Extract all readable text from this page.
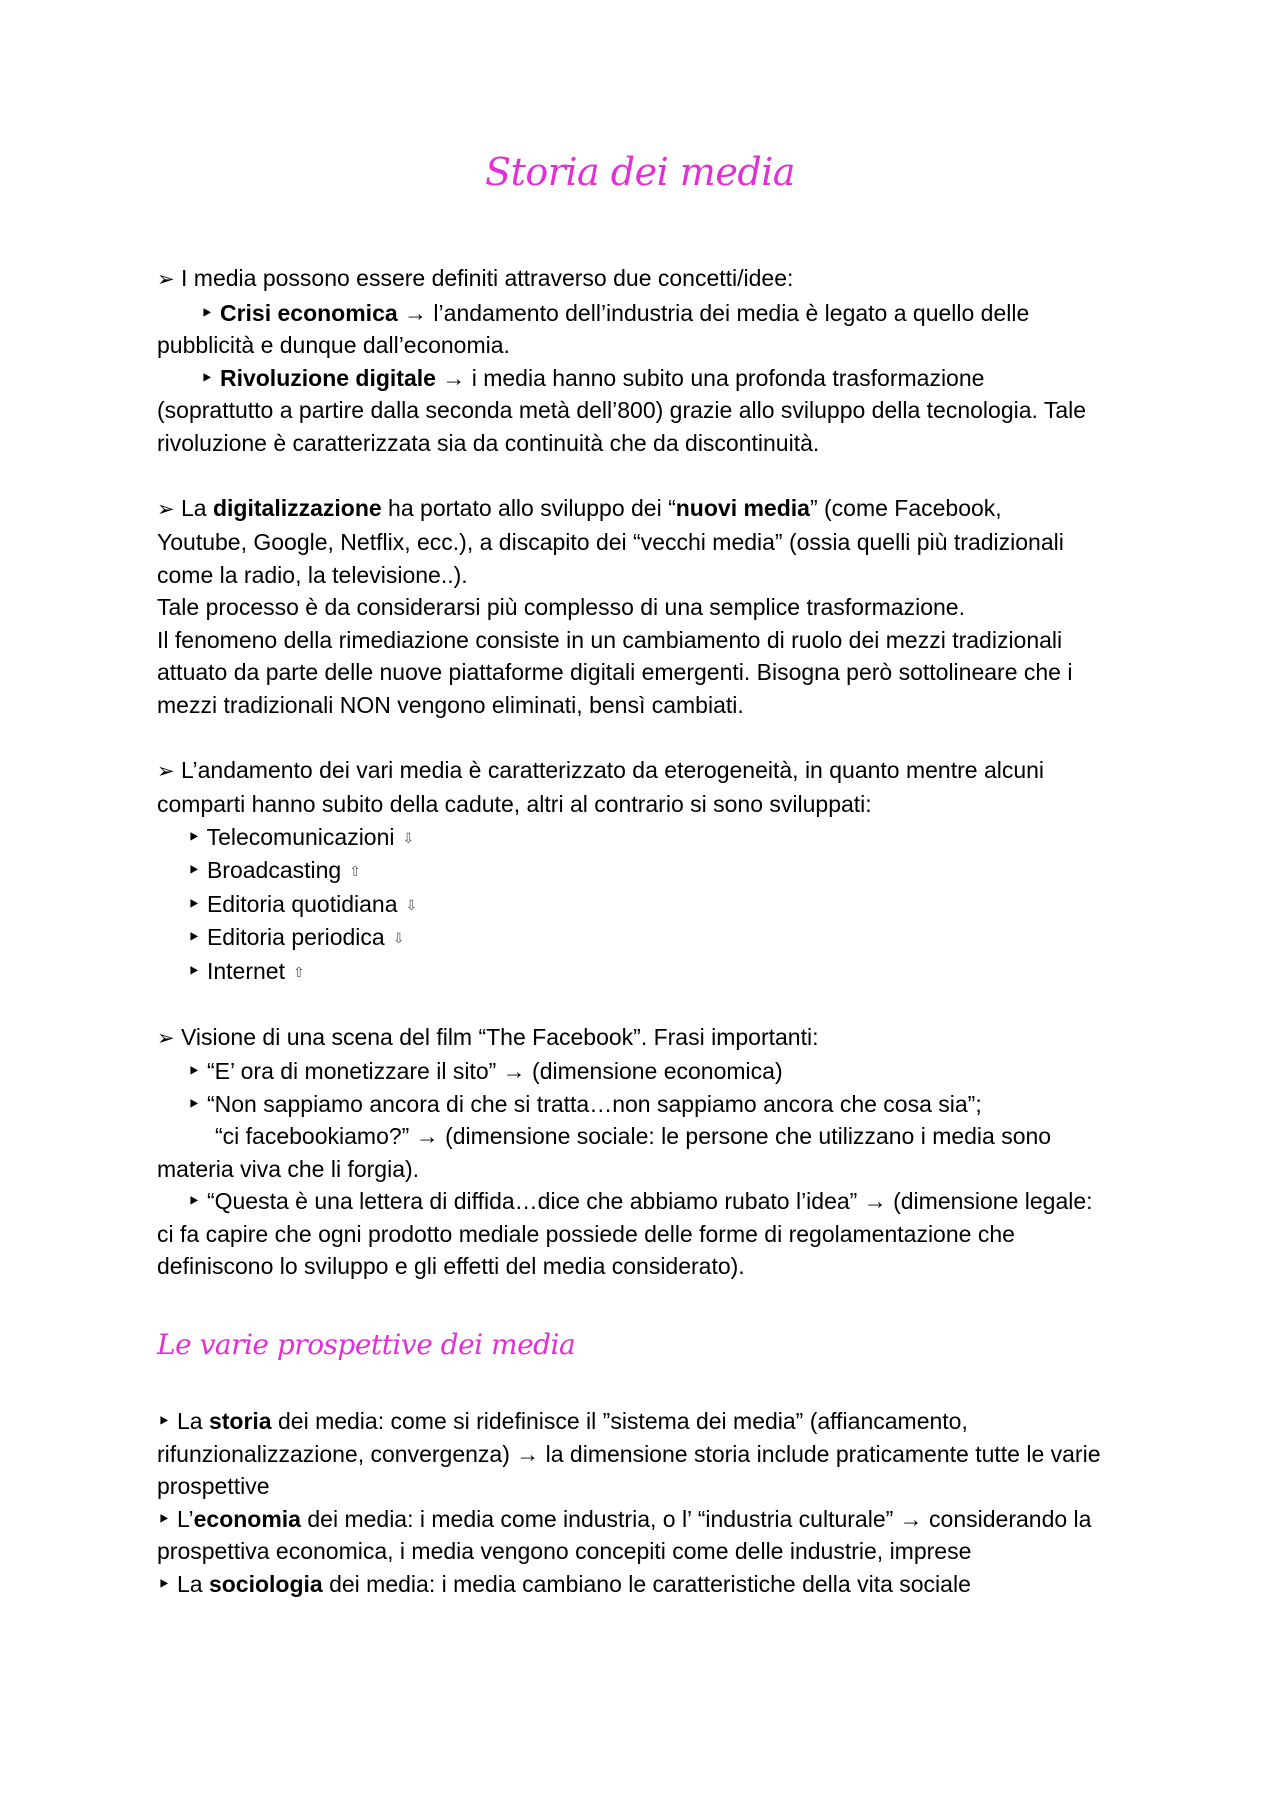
Storia dei media

➢ I media possono essere definiti attraverso due concetti/idee:

‣ Crisi economica → l’andamento dell’industria dei media è legato a quello delle

pubblicità e dunque dall’economia.

‣ Rivoluzione digitale → i media hanno subito una profonda trasformazione

(soprattutto a partire dalla seconda metà dell’800) grazie allo sviluppo della tecnologia. Tale

rivoluzione è caratterizzata sia da continuità che da discontinuità.

➢ La digitalizzazione ha portato allo sviluppo dei “nuovi media” (come Facebook,

Youtube, Google, Netflix, ecc.), a discapito dei “vecchi media” (ossia quelli più tradizionali

come la radio, la televisione..).

Tale processo è da considerarsi più complesso di una semplice trasformazione.

Il fenomeno della rimediazione consiste in un cambiamento di ruolo dei mezzi tradizionali

attuato da parte delle nuove piattaforme digitali emergenti. Bisogna però sottolineare che i

mezzi tradizionali NON vengono eliminati, bensì cambiati.

➢ L’andamento dei vari media è caratterizzato da eterogeneità, in quanto mentre alcuni

comparti hanno subito della cadute, altri al contrario si sono sviluppati:

‣ Telecomunicazioni ⇩

‣ Broadcasting ⇧

‣ Editoria quotidiana ⇩

‣ Editoria periodica ⇩

‣ Internet ⇧

➢ Visione di una scena del film “The Facebook”. Frasi importanti:

‣ “E’ ora di monetizzare il sito” → (dimensione economica)

‣ “Non sappiamo ancora di che si tratta…non sappiamo ancora che cosa sia”;

“ci facebookiamo?” → (dimensione sociale: le persone che utilizzano i media sono

materia viva che li forgia).

‣ “Questa è una lettera di diffida…dice che abbiamo rubato l’idea” → (dimensione legale:

ci fa capire che ogni prodotto mediale possiede delle forme di regolamentazione che

definiscono lo sviluppo e gli effetti del media considerato).

Le varie prospettive dei media

‣ La storia dei media: come si ridefinisce il ”sistema dei media” (affiancamento,

rifunzionalizzazione, convergenza) → la dimensione storia include praticamente tutte le varie

prospettive

‣ L’economia dei media: i media come industria, o l’ “industria culturale” → considerando la

prospettiva economica, i media vengono concepiti come delle industrie, imprese

‣ La sociologia dei media: i media cambiano le caratteristiche della vita sociale
